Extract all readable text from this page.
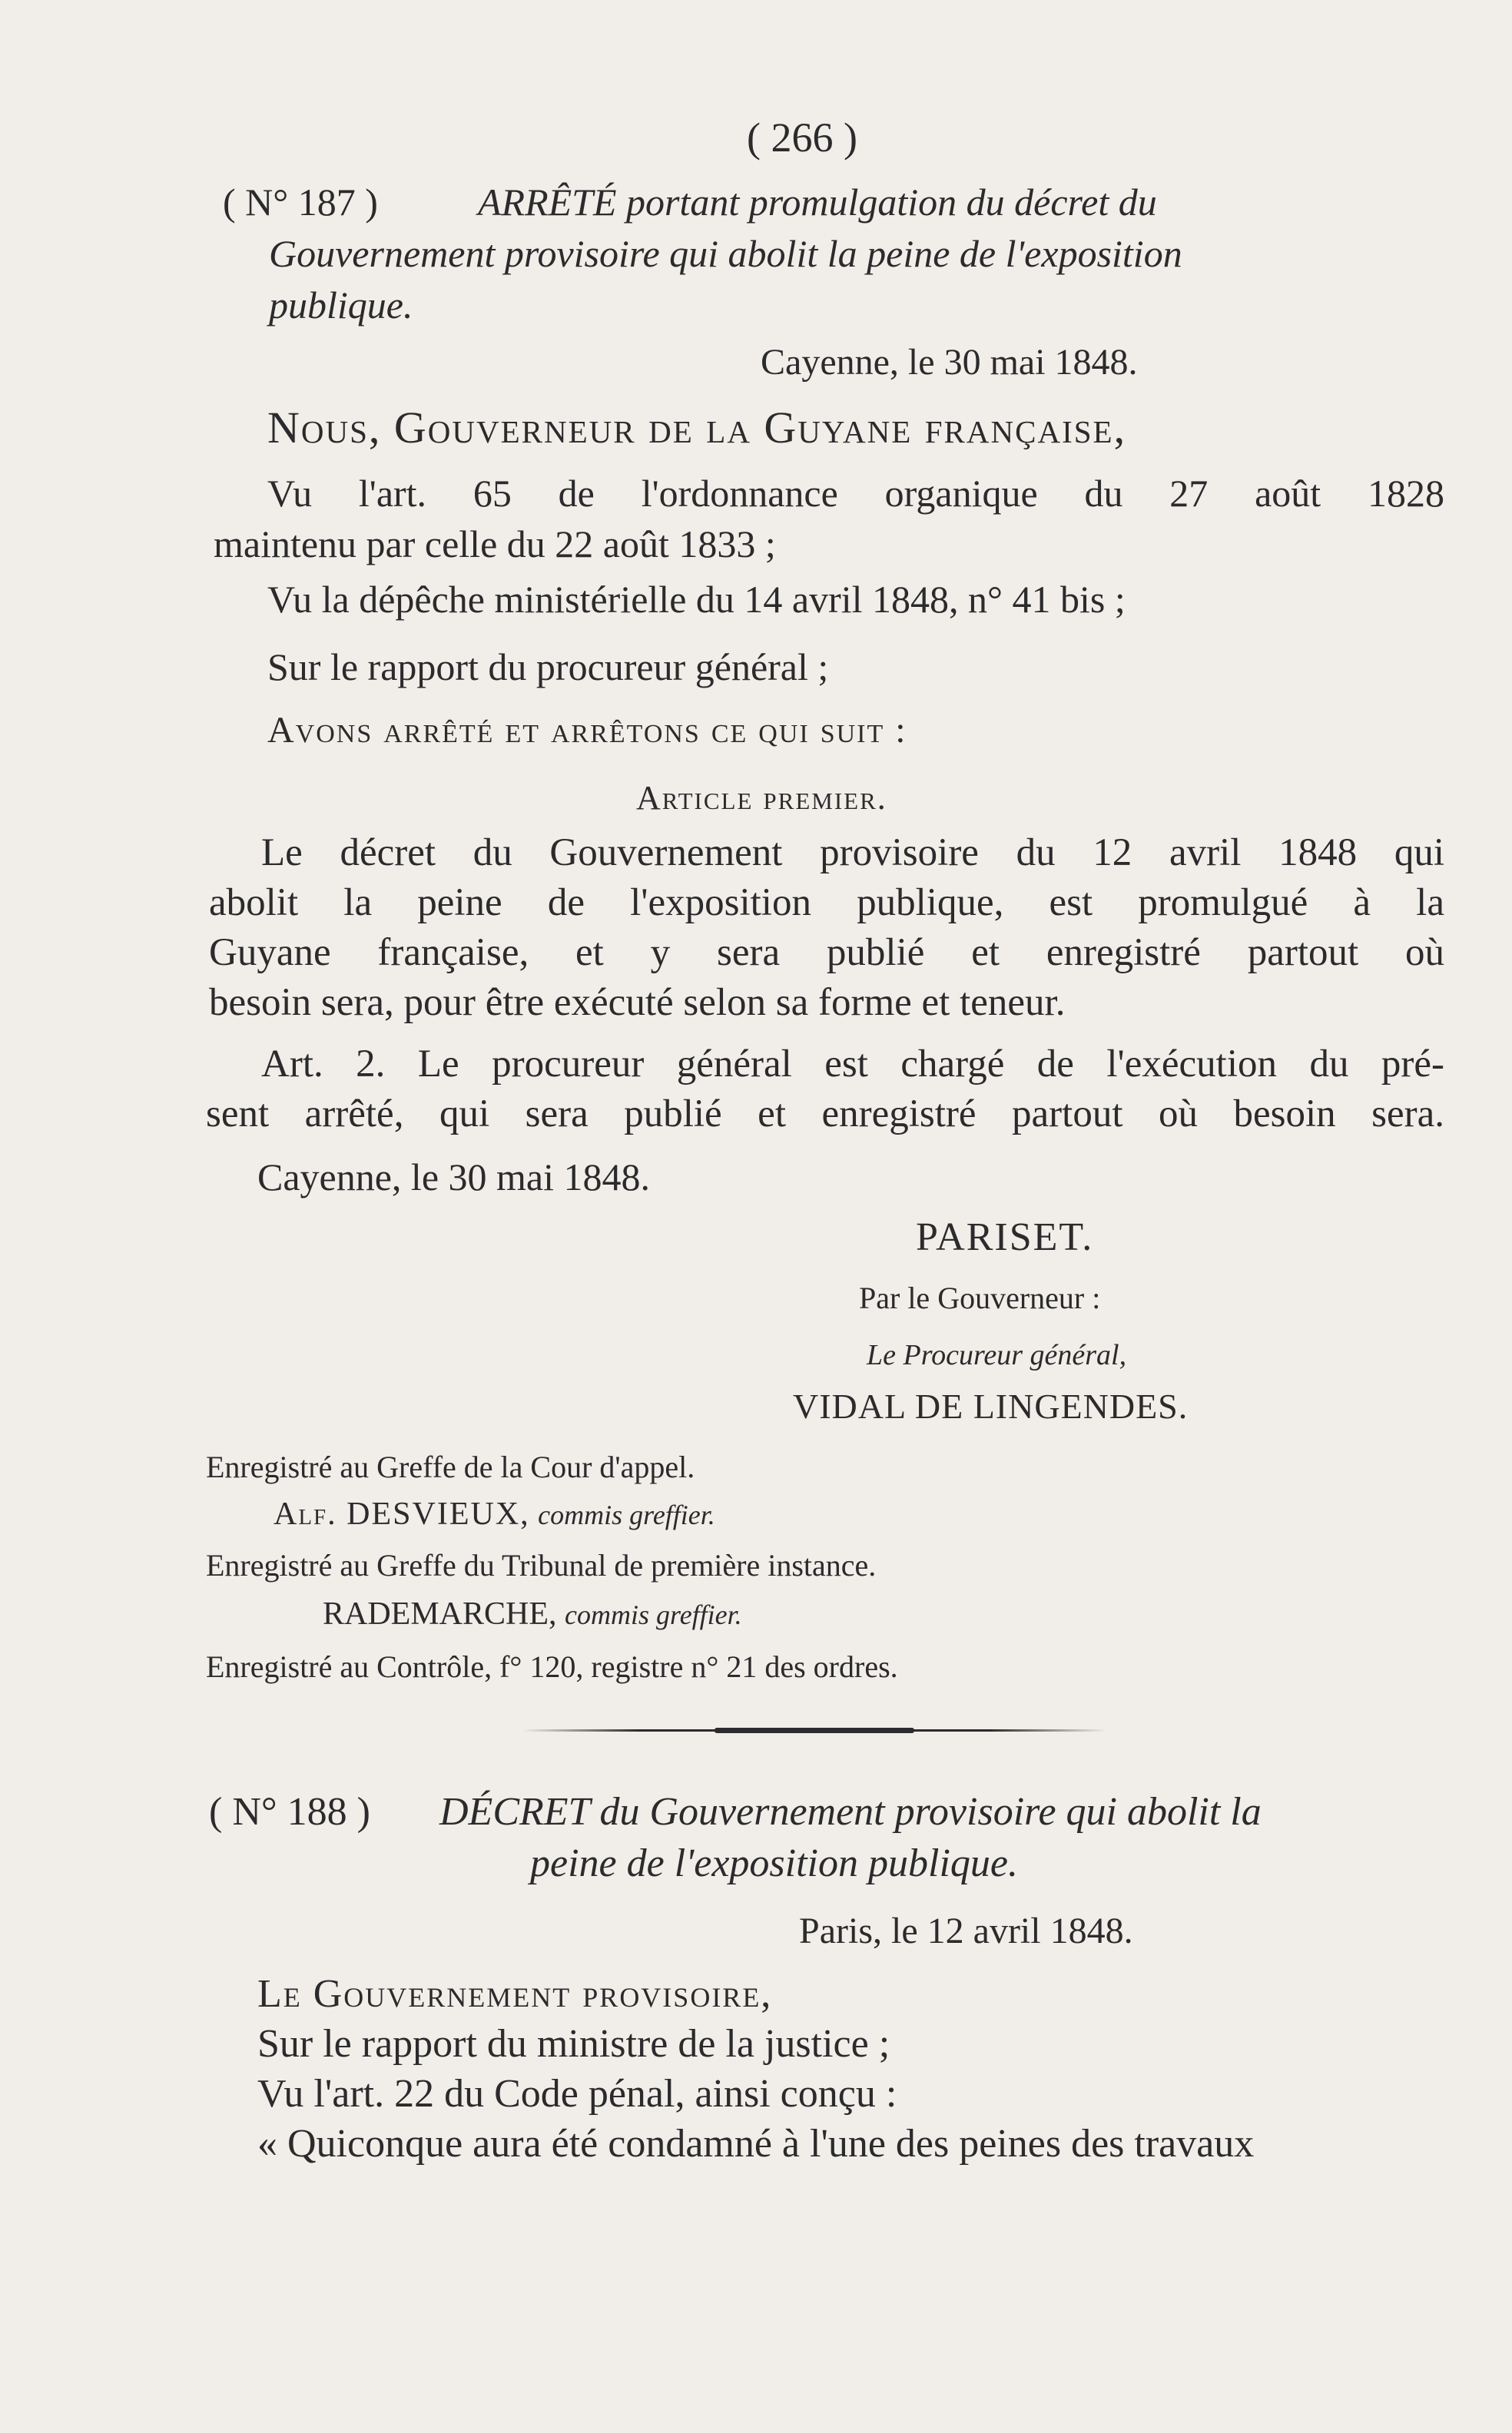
( 266 )
( N° 187 )	ARRÊTÉ portant promulgation du décret du
Gouvernement provisoire qui abolit la peine de l'exposition
publique.
Cayenne, le 30 mai 1848.
Nous, Gouverneur de la Guyane française,
Vu l'art. 65 de l'ordonnance organique du 27 août 1828
maintenu par celle du 22 août 1833 ;
Vu la dépêche ministérielle du 14 avril 1848, n° 41 bis ;
Sur le rapport du procureur général ;
Avons arrêté et arrêtons ce qui suit :
Article premier.
Le décret du Gouvernement provisoire du 12 avril 1848 qui
abolit la peine de l'exposition publique, est promulgué à la
Guyane française, et y sera publié et enregistré partout où
besoin sera, pour être exécuté selon sa forme et teneur.
Art. 2. Le procureur général est chargé de l'exécution du pré-
sent arrêté, qui sera publié et enregistré partout où besoin sera.
Cayenne, le 30 mai 1848.
PARISET.
Par le Gouverneur :
Le Procureur général,
VIDAL DE LINGENDES.
Enregistré au Greffe de la Cour d'appel.
Alf. DESVIEUX, commis greffier.
Enregistré au Greffe du Tribunal de première instance.
RADEMARCHE, commis greffier.
Enregistré au Contrôle, f° 120, registre n° 21 des ordres.
( N° 188 ) DÉCRET du Gouvernement provisoire qui abolit la
peine de l'exposition publique.
Paris, le 12 avril 1848.
Le Gouvernement provisoire,
Sur le rapport du ministre de la justice ;
Vu l'art. 22 du Code pénal, ainsi conçu :
« Quiconque aura été condamné à l'une des peines des travaux
